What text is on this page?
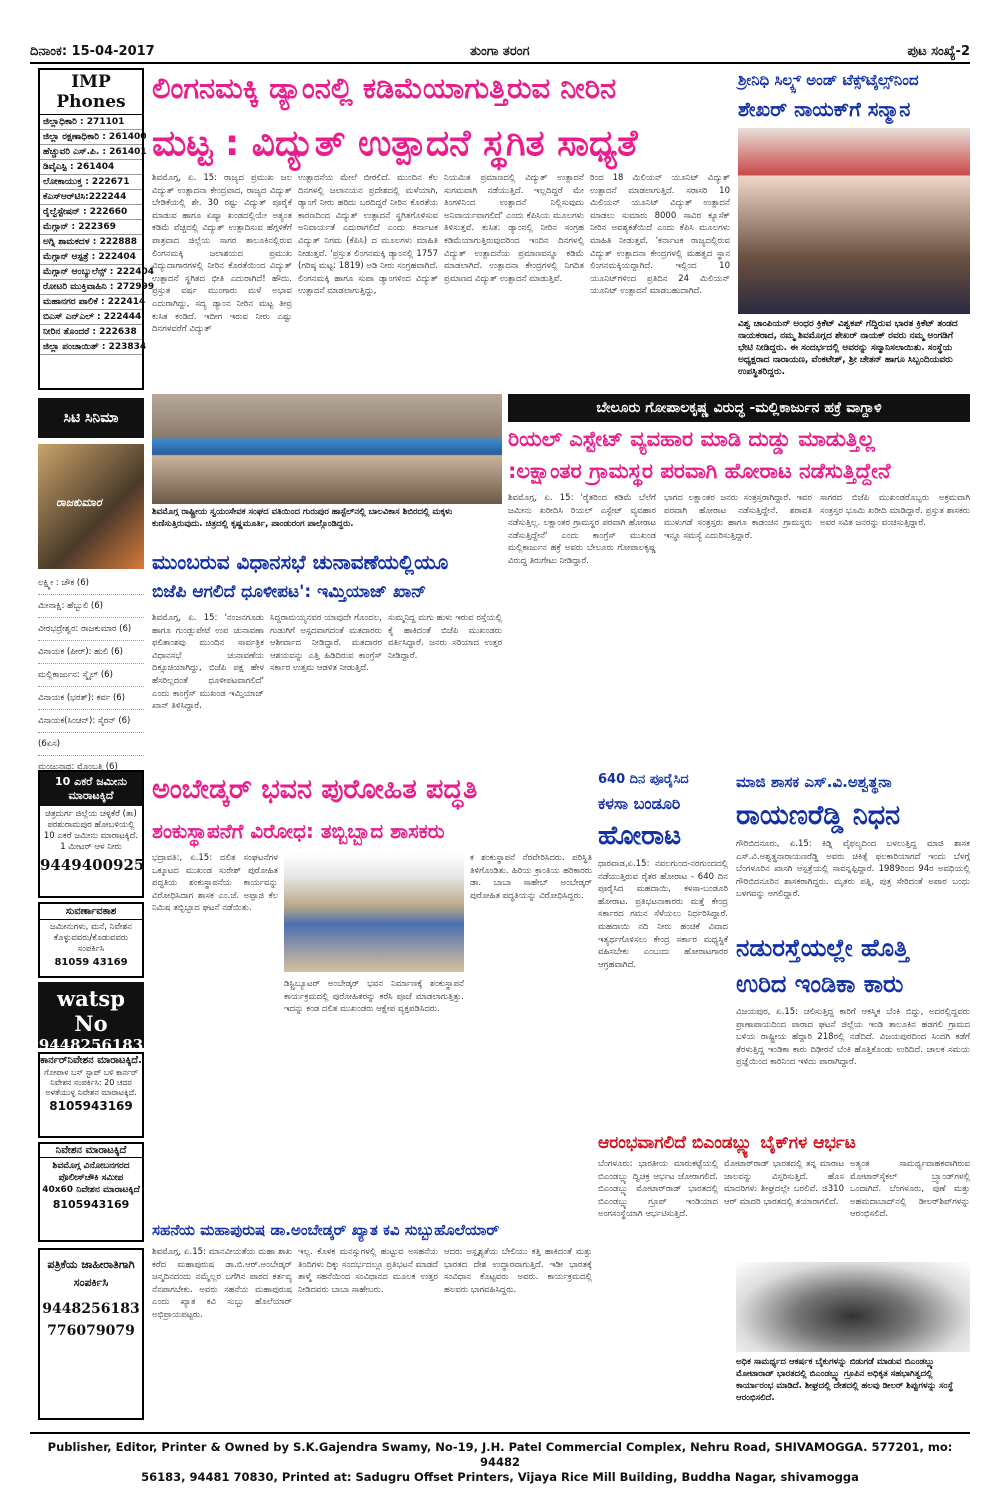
ದಿನಾಂಕ: 15-04-2017	ತುಂಗಾ ತರಂಗ	ಪುಟ ಸಂಖ್ಯೆ-2
IMP Phones
ಜಿಲ್ಲಾಧಿಕಾರಿ : 271101
ಜಿಲ್ಲಾ ರಕ್ಷಣಾಧಿಕಾರಿ : 261400
ಹೆಚ್ಚುವರಿ ಎಸ್.ಪಿ. : 261401
ಡಿವೈಎಸ್ಪಿ : 261404
ಲೋಕಾಯುಕ್ತ : 222671
ಕೆಎಸ್ಆರ್‌ಟಿಸಿ:222244
ರೈಲ್ವೆಸ್ಟೇಷನ್ : 222660
ಮೆಗ್ಗಾನ್ : 222369
ಅಗ್ನಿ ಶಾಮಕದಳ : 222888
ಮೆಗ್ಗಾನ್ ಆಸ್ಪತ್ರೆ : 222404
ಮೆಗ್ಗಾನ್ ಆಂಬ್ಯುಲೆನ್ಸ್ : 222404
ರೋಟರಿ ಮುಕ್ತಿವಾಹಿನಿ : 272999
ಮಹಾನಗರ ಪಾಲಿಕೆ : 222414
ಬಿಎಸ್ ಎನ್ಎಲ್ : 222444
ನೀರಿನ ತೊಂದರೆ : 222638
ಜಿಲ್ಲಾ ಪಂಚಾಯಿತ್ : 223834
ಸಿಟಿ ಸಿನಿಮಾ
ರಾಜಕುಮಾರ
ಲಕ್ಷ್ಮೀ : ಚೌಕ (6)
ಮೀನಾಕ್ಷಿ: ಹೆಬ್ಬುಲಿ (6)
ವೀರಭದ್ರೇಶ್ವರ: ರಾಜಕುಮಾರ (6)
ವಿನಾಯಕ (ಪೀರ್): ಹುಲಿ (6)
ಮಲ್ಲಿಕಾರ್ಜುನ: ಸ್ಮೈಲ್ (6)
ವಿನಾಯಕ (ಭರತ್): ಕರ್ವ (6)
ವಿನಾಯಕ(ಸಿಂಚನ್): ಸೈರನ್ (6)
(6ಏಸ)
ಮಂಜುನಾಥ: ಮೊಂಬತ್ತಿ (6)
10 ಎಕರೆ ಜಮೀನು ಮಾರಾಟಕ್ಕಿದೆ
ಚಿತ್ರದುರ್ಗ ಜಿಲ್ಲೆಯ ಚಳ್ಳಕೆರೆ (ತಾ) ಪರಶುರಾಮಪುರ ಹೋಬಳಿಯಲ್ಲಿ 10 ಎಕರೆ ಜಮೀನು ಮಾರಾಟಕ್ಕಿದೆ. 1 ಮೀಟರ್ ಆಳ ನೀರು
9449400925
ಸುವರ್ಣಾವಕಾಶ
ಜಮೀನುಗಳು, ಮನೆ, ನಿವೇಶನ ಕೊಳ್ಳುವವರು/ಕೊಡುವವರು ಸಂಪರ್ಕಿಸಿ
81059 43169
watsp No
9448256183
ಕಾರ್ನರ್‌ನಿವೇಶನ ಮಾರಾಟಕ್ಕಿದೆ.
ಗೋಪಾಳ ಬಸ್ ಸ್ಟಾಪ್ ಬಳಿ ಕಾರ್ನರ್ ನಿವೇಶನ ಸಂಪರ್ಕಿಸಿ: 20 ಚದರ ಅಳತೆಯುಳ್ಳ ನಿವೇಶನ ಮಾರಾಟಕ್ಕಿದೆ.
8105943169
ನಿವೇಶನ ಮಾರಾಟಕ್ಕಿದೆ
ಶಿವಮೊಗ್ಗ ವಿನೋಬನಗರದ ಪೊಲೀಸ್‌ಚೌಕಿ ಸಮೀಪ 40x60 ನಿವೇಶನ ಮಾರಾಟಕ್ಕಿದೆ
8105943169
ಪತ್ರಿಕೆಯ ಜಾಹೀರಾತಿಗಾಗಿ ಸಂಪರ್ಕಿಸಿ
9448256183
776079079
ಲಿಂಗನಮಕ್ಕಿ ಡ್ಯಾಂನಲ್ಲಿ ಕಡಿಮೆಯಾಗುತ್ತಿರುವ ನೀರಿನ
ಮಟ್ಟ : ವಿದ್ಯುತ್ ಉತ್ಪಾದನೆ ಸ್ಥಗಿತ ಸಾಧ್ಯತೆ
ಶಿವಮೊಗ್ಗ, ಏ. 15: ರಾಜ್ಯದ ಪ್ರಮುಖ ಜಲ ವಿದ್ಯುತ್ ಉತ್ಪಾದನಾ ಕೇಂದ್ರವಾದ, ರಾಜ್ಯದ ವಿದ್ಯುತ್ ಬೇಡಿಕೆಯಲ್ಲಿ ಶೇ. 30 ರಷ್ಟು ವಿದ್ಯುತ್ ಪೂರೈಕೆ ಮಾಡುವ ಹಾಗೂ ಏಷ್ಯಾ ಖಂಡದಲ್ಲಿಯೇ ಅತ್ಯಂತ ಕಡಿಮೆ ವೆಚ್ಚದಲ್ಲಿ ವಿದ್ಯುತ್ ಉತ್ಪಾದಿಸುವ ಹೆಗ್ಗಳಿಕೆಗೆ ಪಾತ್ರವಾದ ಜಿಲ್ಲೆಯ ಸಾಗರ ತಾಲೂಕಿನಲ್ಲಿರುವ ಲಿಂಗನಮಕ್ಕಿ ಜಲಾಶಯದ ಪ್ರಮುಖ ವಿದ್ಯುದಾಗಾರಗಳಲ್ಲಿ ನೀರಿನ ಕೊರತೆಯಿಂದ ವಿದ್ಯುತ್ ಉತ್ಪಾದನೆ ಸ್ಥಗಿತದ ಭೀತಿ ಎದುರಾಗಿದೆ! ಹೌದು. ಪ್ರಸ್ತುತ ವರ್ಷ ಮುಂಗಾರು ಮಳೆ ಅಭಾವ ಎದುರಾಗಿದ್ದು, ಸದ್ಯ ಡ್ಯಾಂನ ನೀರಿನ ಮಟ್ಟ ತೀವ್ರ ಕುಸಿತ ಕಂಡಿದೆ. ಇದೀಗ ಇರುವ ನೀರು ಎಷ್ಟು ದಿನಗಳವರೆಗೆ ವಿದ್ಯುತ್
ಉತ್ಪಾದನೆಯ ಮೇಲೆ ಬೀರಲಿದೆ. ಮುಂದಿನ ಕೆಲ ದಿನಗಳಲ್ಲಿ ಜಲಾನಯನ ಪ್ರದೇಶದಲ್ಲಿ ಮಳೆಯಾಗಿ, ಡ್ಯಾಂಗೆ ನೀರು ಹರಿದು ಬರದಿದ್ದರೆ ನೀರಿನ ಕೊರತೆಯ ಕಾರಣದಿಂದ ವಿದ್ಯುತ್ ಉತ್ಪಾದನೆ ಸ್ಥಗಿತಗೊಳಿಸುವ ಅನಿವಾರ್ಯತೆ ಎದುರಾಗಲಿದೆ ಎಂದು ಕರ್ನಾಟಕ ವಿದ್ಯುತ್ ನಿಗಮ (ಕೆಪಿಸಿ) ದ ಮೂಲಗಳು ಮಾಹಿತಿ ನೀಡುತ್ತವೆ. 'ಪ್ರಸ್ತುತ ಲಿಂಗನಮಕ್ಕಿ ಡ್ಯಾಂನಲ್ಲಿ 1757 (ಗರಿಷ್ಠ ಮಟ್ಟ: 1819) ಅಡಿ ನೀರು ಸಂಗ್ರಹವಾಗಿದೆ. ಲಿಂಗನಮಕ್ಕಿ ಹಾಗೂ ಸುಪಾ ಡ್ಯಾಂಗಳಿಂದ ವಿದ್ಯುತ್ ಉತ್ಪಾದನೆ ಮಾಡಲಾಗುತ್ತಿದ್ದು,
ನಿಯಮಿತ ಪ್ರಮಾಣದಲ್ಲಿ ವಿದ್ಯುತ್ ಉತ್ಪಾದನೆ ಸುಗಮವಾಗಿ ನಡೆಯುತ್ತಿದೆ. ಇಲ್ಲದಿದ್ದರೆ ಮೇ ತಿಂಗಳಿನಿಂದ ಉತ್ಪಾದನೆ ನಿಲ್ಲಿಸುವುದು ಅನಿವಾರ್ಯವಾಗಲಿದೆ' ಎಂದು ಕೆಪಿಸಿಯ ಮೂಲಗಳು ತಿಳಿಸುತ್ತವೆ. ಕುಸಿತ: ಡ್ಯಾಂನಲ್ಲಿ ನೀರಿನ ಸಂಗ್ರಹ ಕಡಿಮೆಯಾಗುತ್ತಿರುವುದರಿಂದ ಇಂದಿನ ದಿನಗಳಲ್ಲಿ ವಿದ್ಯುತ್ ಉತ್ಪಾದನೆಯ ಪ್ರಮಾಣವನ್ನೂ ಕಡಿಮೆ ಮಾಡಲಾಗಿದೆ. ಉತ್ಪಾದನಾ ಕೇಂದ್ರಗಳಲ್ಲಿ ನಿಗದಿತ ಪ್ರಮಾಣದ ವಿದ್ಯುತ್ ಉತ್ಪಾದನೆ ಮಾಡುತ್ತಿವೆ.
ರಿಂದ 18 ಮಿಲಿಯನ್ ಯೂನಿಟ್ ವಿದ್ಯುತ್ ಉತ್ಪಾದನೆ ಮಾಡಲಾಗುತ್ತಿದೆ. ಸರಾಸರಿ 10 ಮಿಲಿಯನ್ ಯೂನಿಟ್ ವಿದ್ಯುತ್ ಉತ್ಪಾದನೆ ಮಾಡಲು ಸುಮಾರು 8000 ಸಾವಿರ ಕ್ಯೂಸೆಕ್ ನೀರಿನ ಅವಶ್ಯಕತೆಯಿದೆ ಎಂದು ಕೆಪಿಸಿ ಮೂಲಗಳು ಮಾಹಿತಿ ನೀಡುತ್ತವೆ. 'ಕರ್ನಾಟಕ ರಾಜ್ಯದಲ್ಲಿರುವ ವಿದ್ಯುತ್ ಉತ್ಪಾದನಾ ಕೇಂದ್ರಗಳಲ್ಲಿ ಮಹತ್ವದ ಸ್ಥಾನ ಲಿಂಗನಮಕ್ಕಿಯದ್ದಾಗಿದೆ. ಇಲ್ಲಿಂದ 10 ಯೂನಿಟ್‌ಗಳಿಂದ ಪ್ರತಿದಿನ 24 ಮಿಲಿಯನ್ ಯೂನಿಟ್ ಉತ್ಪಾದನೆ ಮಾಡಬಹುದಾಗಿದೆ.
ಶ್ರೀನಿಧಿ ಸಿಲ್ಕ್ಸ್ ಅಂಡ್ ಟೆಕ್ಸ್‌ಟೈಲ್ಸ್‌ನಿಂದ
ಶೇಖರ್ ನಾಯಕ್‌ಗೆ ಸನ್ಮಾನ
ವಿಶ್ವ ಚಾಂಪಿಯನ್ ಅಂಧರ ಕ್ರಿಕೆಟ್ ವಿಶ್ವಕಪ್ ಗೆದ್ದಿರುವ ಭಾರತ ಕ್ರಿಕೆಟ್ ತಂಡದ ನಾಯಕರಾದ, ನಮ್ಮ ಶಿವಮೊಗ್ಗದ ಶೇಖರ್ ನಾಯಕ್ ರವರು ನಮ್ಮ ಅಂಗಡಿಗೆ ಭೇಟಿ ನೀಡಿದ್ದರು. ಈ ಸಂದರ್ಭದಲ್ಲಿ ಅವರನ್ನು ಸನ್ಮಾನಿಸಲಾಯಿತು. ಸಂಸ್ಥೆಯ ಅಧ್ಯಕ್ಷರಾದ ನಾರಾಯಣ, ವೆಂಕಟೇಶ್, ಶ್ರೀ ಚೇತನ್ ಹಾಗೂ ಸಿಬ್ಬಂದಿಯವರು ಉಪಸ್ಥಿತರಿದ್ದರು.
ಶಿವಮೊಗ್ಗ ರಾಷ್ಟ್ರೀಯ ಸ್ವಯಂಸೇವಕ ಸಂಘದ ವತಿಯಿಂದ ಗುರುಪುರ ಹಾಸ್ಟೆಲ್‌ನಲ್ಲಿ ಬಾಲವಿಕಾಸ ಶಿಬಿರದಲ್ಲಿ ಮಕ್ಕಳು ಕುಣಿಸುತ್ತಿರುವುದು. ಚಿತ್ರದಲ್ಲಿ ಕೃಷ್ಣಮೂರ್ತಿ, ಪಾಂಡುರಂಗ ಪಾಲ್ಗೊಂಡಿದ್ದರು.
ಬೇಲೂರು ಗೋಪಾಲಕೃಷ್ಣ ವಿರುದ್ಧ -ಮಲ್ಲಿಕಾರ್ಜುನ ಹಕ್ರೆ ವಾಗ್ದಾಳಿ
ರಿಯಲ್ ಎಸ್ಟೇಟ್ ವ್ಯವಹಾರ ಮಾಡಿ ದುಡ್ಡು ಮಾಡುತ್ತಿಲ್ಲ
:ಲಕ್ಷಾಂತರ ಗ್ರಾಮಸ್ಥರ ಪರವಾಗಿ ಹೋರಾಟ ನಡೆಸುತ್ತಿದ್ದೇನೆ
ಶಿವಮೊಗ್ಗ, ಏ. 15: 'ರೈತರಿಂದ ಕಡಿಮೆ ಬೆಲೆಗೆ ಜಮೀನು ಖರೀದಿಸಿ ರಿಯಲ್ ಎಸ್ಟೇಟ್ ವ್ಯವಹಾರ ನಡೆಸುತ್ತಿಲ್ಲ. ಲಕ್ಷಾಂತರ ಗ್ರಾಮಸ್ಥರ ಪರವಾಗಿ ಹೋರಾಟ ನಡೆಸುತ್ತಿದ್ದೇನೆ' ಎಂದು ಕಾಂಗ್ರೆಸ್ ಮುಖಂಡ ಮಲ್ಲಿಕಾರ್ಜುನ ಹಕ್ರೆ ಅವರು ಬೇಲೂರು ಗೋಪಾಲಕೃಷ್ಣ ವಿರುದ್ಧ ತಿರುಗೇಟು ನೀಡಿದ್ದಾರೆ.
ಭಾಗದ ಲಕ್ಷಾಂತರ ಜನರು ಸಂತ್ರಸ್ತರಾಗಿದ್ದಾರೆ. ಇವರ ಪರವಾಗಿ ಹೋರಾಟ ನಡೆಸುತ್ತಿದ್ದೇನೆ. ಶರಾವತಿ ಮುಳುಗಡೆ ಸಂತ್ರಸ್ತರು ಹಾಗೂ ಕಾಡಂಚಿನ ಗ್ರಾಮಸ್ಥರು ಇನ್ನೂ ಸಮಸ್ಯೆ ಎದುರಿಸುತ್ತಿದ್ದಾರೆ.
ಸಾಗರದ ಬಿಜೆಪಿ ಮುಖಂಡರೊಬ್ಬರು ಅಕ್ರಮವಾಗಿ ಸಂತ್ರಸ್ತರ ಭೂಮಿ ಖರೀದಿ ಮಾಡಿದ್ದಾರೆ. ಪ್ರಸ್ತುತ ಶಾಸಕರು ಅವರ ಸವಿತ ಜನರನ್ನು ವಂಚಿಸುತ್ತಿದ್ದಾರೆ.
ಮುಂಬರುವ ವಿಧಾನಸಭೆ ಚುನಾವಣೆಯಲ್ಲಿಯೂ
ಬಿಜೆಪಿ ಆಗಲಿದೆ ಧೂಳೀಪಟ': ಇಮ್ತಿಯಾಜ್ ಖಾನ್
ಶಿವಮೊಗ್ಗ, ಏ. 15: 'ನಂಜನಗೂಡು ಹಾಗೂ ಗುಂಡ್ಲುಪೇಟೆ ಉಪ ಚುನಾವಣಾ ಫಲಿತಾಂಶವು ಮುಂದಿನ ಸಾರ್ವತ್ರಿಕ ವಿಧಾನಸಭೆ ಚುನಾವಣೆಯ ದಿಕ್ಸೂಚಿಯಾಗಿದ್ದು, ಬಿಜೆಪಿ ಪಕ್ಷ ಹೇಳ ಹೆಸರಿಲ್ಲದಂತೆ ಧೂಳೀಪಟವಾಗಲಿದೆ' ಎಂದು ಕಾಂಗ್ರೆಸ್ ಮುಖಂಡ ಇಮ್ತಿಯಾಜ್ ಖಾನ್ ತಿಳಿಸಿದ್ದಾರೆ.
ಸಿದ್ದರಾಮಯ್ಯನವರ ಯಾವುದೇ ಗೊಂದಲ, ಗುಡುಗಿಗೆ ಅಸ್ಪದವಾಗದಂತೆ ಮತದಾರರು ಆಶೀರ್ವಾದ ನೀಡಿದ್ದಾರೆ. ಮತದಾರರ ಆಶಯವನ್ನು ಎತ್ತಿ ಹಿಡಿದಿರುವ ಕಾಂಗ್ರೆಸ್ ಸರ್ಕಾರ ಉತ್ತಮ ಆಡಳಿತ ನೀಡುತ್ತಿದೆ.
ಸುಮ್ಮನಿದ್ದ ಮಗು ಹುಳು ಇರುವ ರಸ್ತೆಯಲ್ಲಿ ಕೈ ಹಾಕಿದಂತೆ ಬಿಜೆಪಿ ಮುಖಂಡರು ವರ್ತಿಸಿದ್ದಾರೆ. ಜನರು ಸರಿಯಾದ ಉತ್ತರ ನೀಡಿದ್ದಾರೆ.
ಅಂಬೇಡ್ಕರ್ ಭವನ ಪುರೋಹಿತ ಪದ್ಧತಿ
ಶಂಕುಸ್ಥಾಪನೆಗೆ ವಿರೋಧ: ತಬ್ಬಿಬ್ಬಾದ ಶಾಸಕರು
ಭದ್ರಾವತಿ:, ಏ.15: ದಲಿತ ಸಂಘಟನೆಗಳ ಒಕ್ಕೂಟದ ಮುಖಂಡ ಸುರೇಶ್ ಪುರೋಹಿತ ಪದ್ಧತಿಯ ಶಂಕುಸ್ಥಾಪನೆಯ ಕಾರ್ಯವನ್ನು ವಿರೋಧಿಸಿದಾಗ ಶಾಸಕ ಎಂ.ಜೆ. ಅಪ್ಪಾಜಿ ಕೆಲ ನಿಮಿಷ ತಬ್ಬಿಬ್ಬಾದ ಘಟನೆ ನಡೆಯಿತು.
ಡಿಸ್ಟ್ರಿಬ್ಯೂಟರ್ ಅಂಬೇಡ್ಕರ್ ಭವನ ನಿರ್ಮಾಣಕ್ಕೆ ಶಂಕುಸ್ಥಾಪನೆ ಕಾರ್ಯಕ್ರಮದಲ್ಲಿ ಪುರೋಹಿತರನ್ನು ಕರೆಸಿ ಪೂಜೆ ಮಾಡಲಾಗುತ್ತಿತ್ತು. ಇದನ್ನು ಕಂಡ ದಲಿತ ಮುಖಂಡರು ಆಕ್ಷೇಪ ವ್ಯಕ್ತಪಡಿಸಿದರು.
ಕ ಶಂಕುಸ್ಥಾಪನೆ ನೆರವೇರಿಸಿದರು. ಪರಿಸ್ಥಿತಿ ತಿಳಿಗೊಂಡಿತು. ಹಿರಿಯ ಕ್ರಾಂತಿಯ ಹರಿಕಾರರು ಡಾ. ಬಾಬಾ ಸಾಹೇಬ್ ಅಂಬೇಡ್ಕರ್ ಪುರೋಹಿತ ಪದ್ಧತಿಯನ್ನು ವಿರೋಧಿಸಿದ್ದರು.
640 ದಿನ ಪೂರೈಸಿದ
ಕಳಸಾ ಬಂಡೂರಿ
ಹೋರಾಟ
ಧಾರವಾಡ,ಏ.15: ನವಲಗುಂದ-ನರಗುಂದದಲ್ಲಿ ನಡೆಯುತ್ತಿರುವ ರೈತರ ಹೋರಾಟ - 640 ದಿನ ಪೂರೈಸಿದ ಮಹದಾಯಿ, ಕಳಸಾ-ಬಂಡೂರಿ ಹೋರಾಟ. ಪ್ರತಿಭಟನಾಕಾರರು ಮತ್ತೆ ಕೇಂದ್ರ ಸರ್ಕಾರದ ಗಮನ ಸೆಳೆಯಲು ನಿರ್ಧರಿಸಿದ್ದಾರೆ. ಮಹದಾಯಿ ನದಿ ನೀರು ಹಂಚಿಕೆ ವಿವಾದ ಇತ್ಯರ್ಥಗೊಳಿಸಲು ಕೇಂದ್ರ ಸರ್ಕಾರ ಮಧ್ಯಸ್ಥಿಕೆ ವಹಿಸಬೇಕು ಎಂಬುದು ಹೋರಾಟಗಾರರ ಆಗ್ರಹವಾಗಿದೆ.
ಮಾಜಿ ಶಾಸಕ ಎಸ್.ವಿ.ಅಶ್ವತ್ಥನಾ
ರಾಯಣರೆಡ್ಡಿ ನಿಧನ
ಗೌರಿಬಿದನೂರು, ಏ.15: ಕಿಡ್ನಿ ವೈಫಲ್ಯದಿಂದ ಬಳಲುತ್ತಿದ್ದ ಮಾಜಿ ಶಾಸಕ ಎಸ್.ವಿ.ಅಶ್ವತ್ಥನಾರಾಯಣರೆಡ್ಡಿ ಅವರು ಚಿಕಿತ್ಸೆ ಫಲಕಾರಿಯಾಗದೆ ಇಂದು ಬೆಳಗ್ಗೆ ಬೆಂಗಳೂರಿನ ಖಾಸಗಿ ಆಸ್ಪತ್ರೆಯಲ್ಲಿ ಸಾವನ್ನಪ್ಪಿದ್ದಾರೆ. 1989ರಿಂದ 94ರ ಅವಧಿಯಲ್ಲಿ ಗೌರಿಬಿದನೂರಿನ ಶಾಸಕರಾಗಿದ್ದರು. ಮೃತರು ಪತ್ನಿ, ಪುತ್ರ ಸೇರಿದಂತೆ ಅಪಾರ ಬಂಧು ಬಳಗವನ್ನು ಅಗಲಿದ್ದಾರೆ.
ನಡುರಸ್ತೆಯಲ್ಲೇ ಹೊತ್ತಿ
ಉರಿದ ಇಂಡಿಕಾ ಕಾರು
ವಿಜಯಪುರ, ಏ.15: ಚಲಿಸುತ್ತಿದ್ದ ಕಾರಿಗೆ ಆಕಸ್ಮಿಕ ಬೆಂಕಿ ಬಿದ್ದು, ಅದರಲ್ಲಿದ್ದವರು ಪ್ರಾಣಾಪಾಯದಿಂದ ಪಾರಾದ ಘಟನೆ ಜಿಲ್ಲೆಯ ಇಂಡಿ ತಾಲೂಕಿನ ಹಡಗಲಿ ಗ್ರಾಮದ ಬಳಿಯ ರಾಷ್ಟ್ರೀಯ ಹೆದ್ದಾರಿ 218ರಲ್ಲಿ ನಡೆದಿದೆ. ವಿಜಯಪುರದಿಂದ ಸಿಂದಗಿ ಕಡೆಗೆ ತೆರಳುತ್ತಿದ್ದ ಇಂಡಿಕಾ ಕಾರು ದಿಢೀರನೆ ಬೆಂಕಿ ಹೊತ್ತಿಕೊಂಡು ಉರಿದಿದೆ. ಚಾಲಕ ಸಮಯ ಪ್ರಜ್ಞೆಯಿಂದ ಕಾರಿನಿಂದ ಇಳಿದು ಪಾರಾಗಿದ್ದಾರೆ.
ಸಹನೆಯ ಮಹಾಪುರುಷ ಡಾ.ಅಂಬೇಡ್ಕರ್ ಖ್ಯಾತ ಕವಿ ಸುಬ್ಬುಹೊಲೆಯಾರ್
ಶಿವಮೊಗ್ಗ, ಏ.15: ಮಾನವೀಯತೆಯ ಮಹಾ ಶಾಖ ಕರೆದ ಮಹಾಪುರುಷ ಡಾ.ಬಿ.ಆರ್.ಅಂಬೇಡ್ಕರ್ ಜನ್ಮದಿನದಂದು ನಮ್ಮೆಲ್ಲರ ಬಗೆಗಿನ ಪಾಠದ ಕರ್ತವ್ಯ ನೆನಪಾಗಬೇಕು. ಅವರು ಸಹನೆಯ ಮಹಾಪುರುಷ ಎಂದು ಖ್ಯಾತ ಕವಿ ಸುಬ್ಬು ಹೊಲೆಯಾರ್ ಅಭಿಪ್ರಾಯಪಟ್ಟರು.
ಇಲ್ಲ. ಕೊಳಕ ಮನಸ್ಸುಗಳಲ್ಲಿ ಹುಟ್ಟುವ ಅಸಹನೆಯ ತಿಂದಿಗಳು ದಿಕ್ಕು ಸಂದರ್ಭದಲ್ಲೂ ಪ್ರತಿಭಟನೆ ಮಾಡದೆ ತಾಳ್ಮೆ ಸಹನೆಯಿಂದ ಸಂವಿಧಾನದ ಮೂಲಕ ಉತ್ತರ ನೀಡಿದವರು ಬಾಬಾ ಸಾಹೇಬರು.
ಆದರು ಅಸ್ಪೃಶ್ಯತೆಯ ಬೇಲಿಯು ಕತ್ತಿ ಹಾಕಿದಂತೆ ಮತ್ತು ಭಾರತದ ದೇಶ ಉದ್ಧಾರವಾಗುತ್ತಿದೆ. ಇಡೀ ಭಾರತಕ್ಕೆ ಸಂವಿಧಾನ ಕೊಟ್ಟವರು ಅವರು. ಕಾರ್ಯಕ್ರಮದಲ್ಲಿ ಹಲವರು ಭಾಗವಹಿಸಿದ್ದರು.
ಆರಂಭವಾಗಲಿದೆ ಬಿಎಂಡಬ್ಲ್ಯು ಬೈಕ್‌ಗಳ ಆರ್ಭಟ
ಬೆಂಗಳೂರು: ಭಾರತೀಯ ಮಾರುಕಟ್ಟೆಯಲ್ಲಿ ಬಿಎಂಡಬ್ಲ್ಯು ದ್ವಿಚಕ್ರ ಆರ್ಭಟ ಜೋರಾಗಲಿದೆ. ಬಿಎಂಡಬ್ಲ್ಯು ಮೋಟಾರ್‌ರಾಡ್ ಭಾರತದಲ್ಲಿ ಬಿಎಂಡಬ್ಲ್ಯು ಗ್ರೂಪ್ ಇಂಡಿಯಾದ ಅಂಗಸಂಸ್ಥೆಯಾಗಿ ಆರ್ಭಟಿಸುತ್ತಿದೆ.
ಮೋಟಾರ್‌ರಾಡ್ ಭಾರತದಲ್ಲಿ ತನ್ನ ಮಾರಾಟ ಜಾಲವನ್ನು ವಿಸ್ತರಿಸುತ್ತಿದೆ. ಹೊಸ ಮಾದರಿಗಳು ಶೀಘ್ರದಲ್ಲೇ ಬರಲಿವೆ. ಜಿ310 ಆರ್ ಮಾದರಿ ಭಾರತದಲ್ಲಿ ತಯಾರಾಗಲಿದೆ.
ಅತ್ಯಂತ ಸಾಮರ್ಥ್ಯವಾಹಕವಾಗಿರುವ ಮೋಟಾರ್‌ಸೈಕಲ್ ಬ್ರ್ಯಾಂಡ್‌ಗಳಲ್ಲಿ ಒಂದಾಗಿದೆ. ಬೆಂಗಳೂರು, ಪುಣೆ ಮತ್ತು ಅಹಮದಾಬಾದ್‌ನಲ್ಲಿ ಡೀಲರ್‌ಶಿಪ್‌ಗಳನ್ನು ಆರಂಭಿಸಲಿದೆ.
ಅಧಿಕ ಸಾಮರ್ಥ್ಯದ ಆಕರ್ಷಕ ಬೈಕುಗಳನ್ನು ಬಿಡುಗಡೆ ಮಾಡುವ ಬಿಎಂಡಬ್ಲ್ಯು ಮೋಟಾರಾಡ್ ಭಾರತದಲ್ಲಿ ಬಿಎಂಡಬ್ಲ್ಯು ಗ್ರೂಪಿನ ಅಧಿಕೃತ ಸಹಭಾಗಿತ್ವದಲ್ಲಿ ಕಾರ್ಯಾರಂಭ ಮಾಡಿದೆ. ಶೀಘ್ರದಲ್ಲಿ ದೇಶದಲ್ಲಿ ಹಲವು ಡೀಲರ್ ಶಿಪ್ಪುಗಳನ್ನು ಸಂಸ್ಥೆ ಆರಂಭಿಸಲಿದೆ.
Publisher, Editor, Printer & Owned by S.K.Gajendra Swamy, No-19, J.H. Patel Commercial Complex, Nehru Road, SHIVAMOGGA. 577201, mo: 94482
56183, 94481 70830, Printed at: Sadugru Offset Printers, Vijaya Rice Mill Building, Buddha Nagar, shivamogga
